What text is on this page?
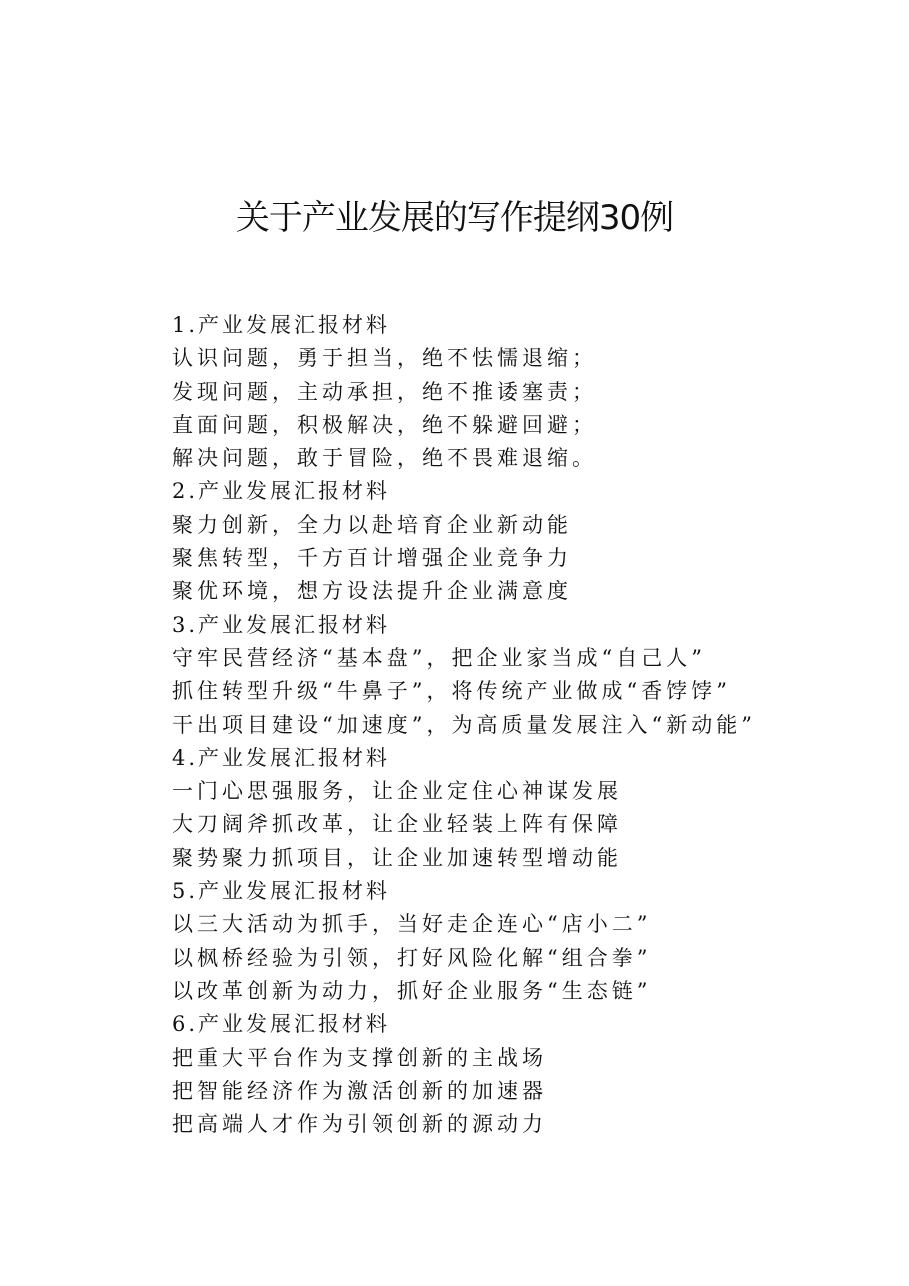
关于产业发展的写作提纲30例
1.产业发展汇报材料
认识问题，勇于担当，绝不怯懦退缩；
发现问题，主动承担，绝不推诿塞责；
直面问题，积极解决，绝不躲避回避；
解决问题，敢于冒险，绝不畏难退缩。
2.产业发展汇报材料
聚力创新，全力以赴培育企业新动能
聚焦转型，千方百计增强企业竞争力
聚优环境，想方设法提升企业满意度
3.产业发展汇报材料
守牢民营经济“基本盘”，把企业家当成“自己人”
抓住转型升级“牛鼻子”，将传统产业做成“香饽饽”
干出项目建设“加速度”，为高质量发展注入“新动能”
4.产业发展汇报材料
一门心思强服务，让企业定住心神谋发展
大刀阔斧抓改革，让企业轻装上阵有保障
聚势聚力抓项目，让企业加速转型增动能
5.产业发展汇报材料
以三大活动为抓手，当好走企连心“店小二”
以枫桥经验为引领，打好风险化解“组合拳”
以改革创新为动力，抓好企业服务“生态链”
6.产业发展汇报材料
把重大平台作为支撑创新的主战场
把智能经济作为激活创新的加速器
把高端人才作为引领创新的源动力
